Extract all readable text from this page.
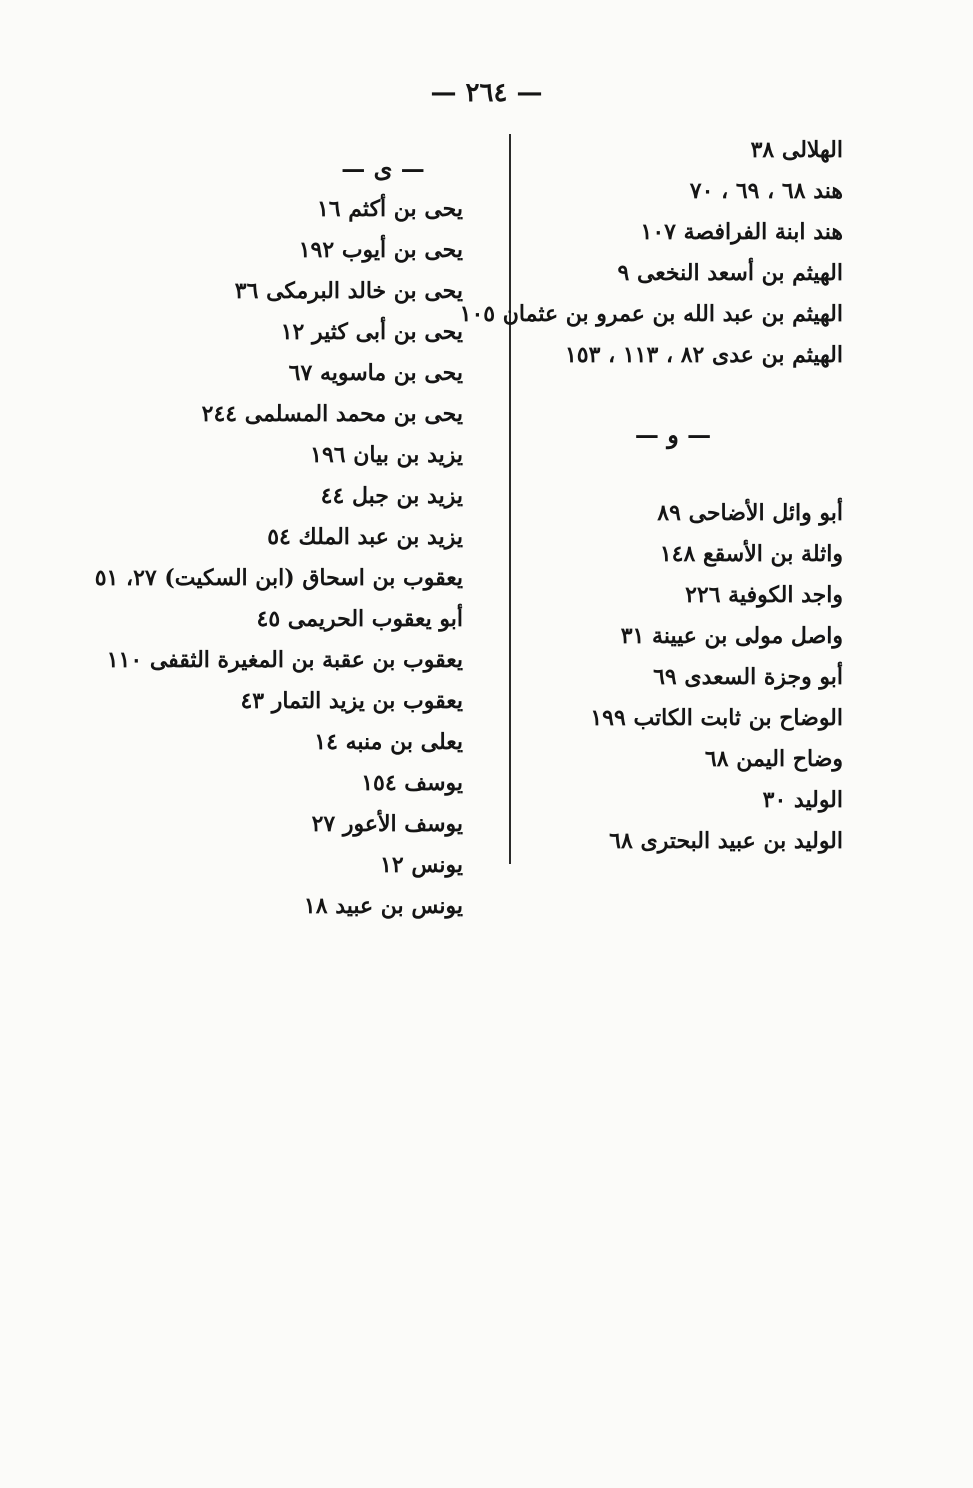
— ٢٦٤ —
الهلالى ٣٨
هند ٦٨ ، ٦٩ ، ٧٠
هند ابنة الفرافصة ١٠٧
الهيثم بن أسعد النخعى ٩
الهيثم بن عبد الله بن عمرو بن عثمان ١٠٥
الهيثم بن عدى ٨٢ ، ١١٣ ، ١٥٣
— و —
أبو وائل الأضاحى ٨٩
واثلة بن الأسقع ١٤٨
واجد الكوفية ٢٢٦
واصل مولى بن عيينة ٣١
أبو وجزة السعدى ٦٩
الوضاح بن ثابت الكاتب ١٩٩
وضاح اليمن ٦٨
الوليد ٣٠
الوليد بن عبيد البحترى ٦٨
— ى —
يحى بن أكثم ١٦
يحى بن أيوب ١٩٢
يحى بن خالد البرمكى ٣٦
يحى بن أبى كثير ١٢
يحى بن ماسويه ٦٧
يحى بن محمد المسلمى ٢٤٤
يزيد بن بيان ١٩٦
يزيد بن جبل ٤٤
يزيد بن عبد الملك ٥٤
يعقوب بن اسحاق (ابن السكيت) ٢٧، ٥١
أبو يعقوب الحريمى ٤٥
يعقوب بن عقبة بن المغيرة الثقفى ١١٠
يعقوب بن يزيد التمار ٤٣
يعلى بن منبه ١٤
يوسف ١٥٤
يوسف الأعور ٢٧
يونس ١٢
يونس بن عبيد ١٨
